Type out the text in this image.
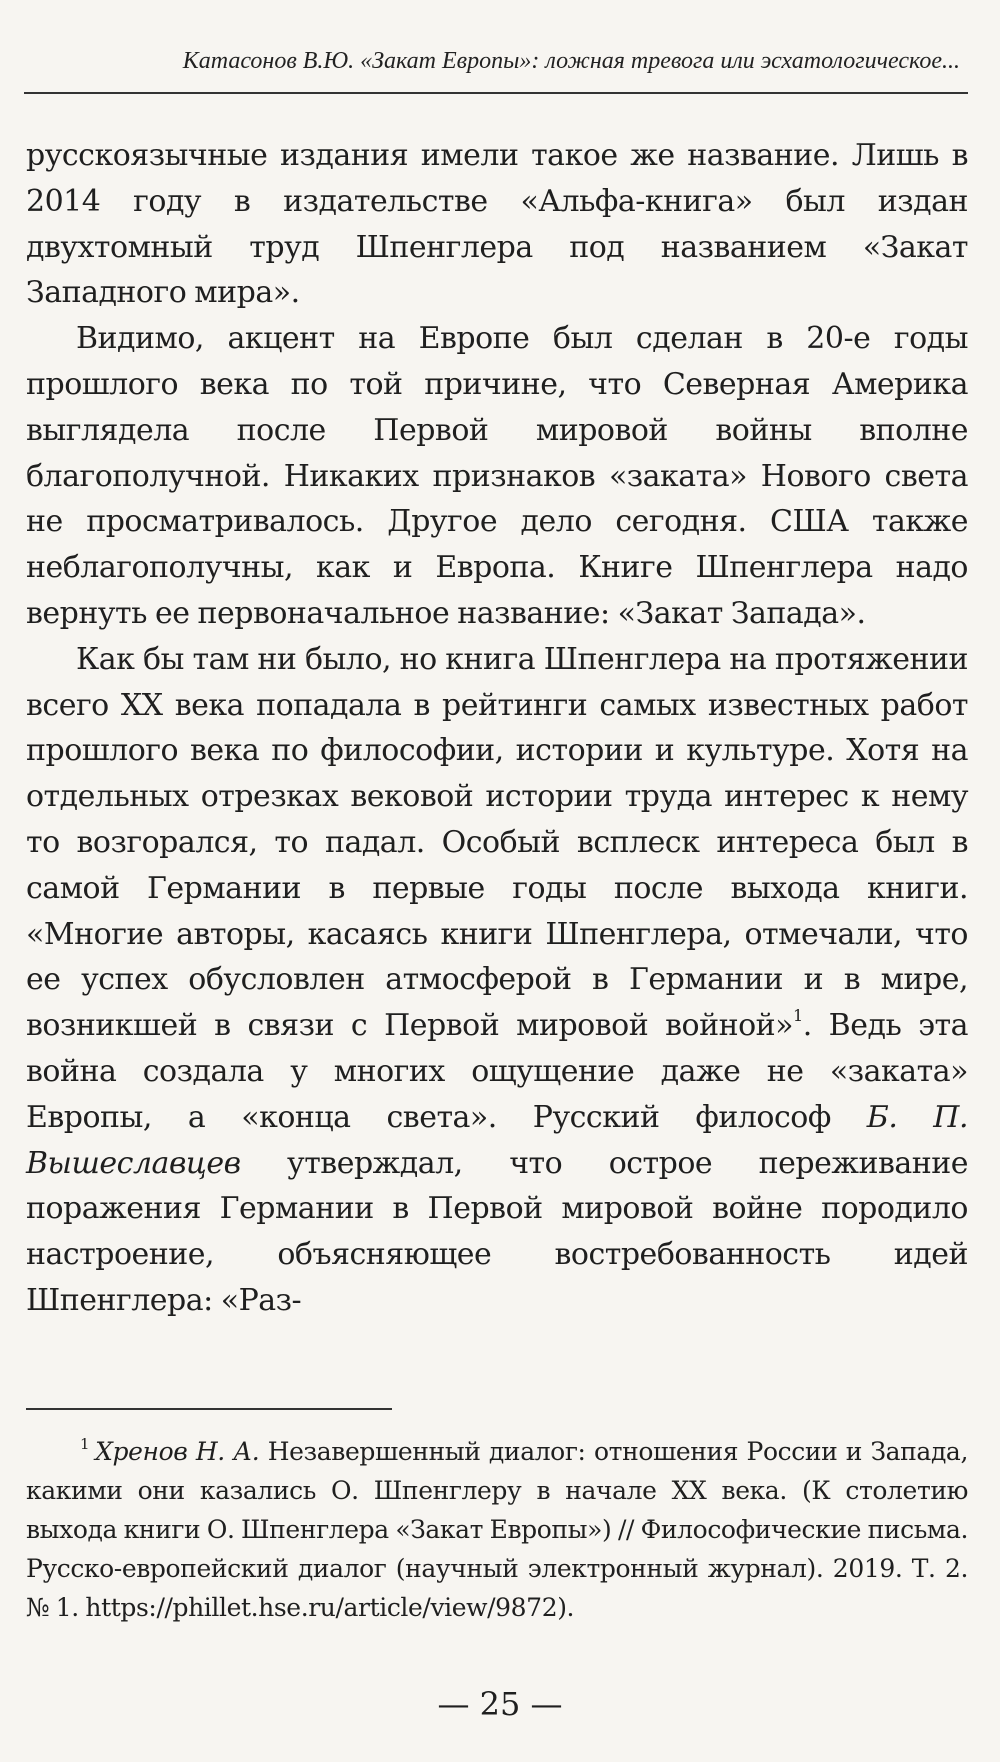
Катасонов В.Ю. «Закат Европы»: ложная тревога или эсхатологическое...

русскоязычные издания имели такое же название. Лишь в 2014 году в издательстве «Альфа-книга» был издан двухтомный труд Шпенглера под названием «Закат Западного мира».

Видимо, акцент на Европе был сделан в 20-е годы прошлого века по той причине, что Северная Америка выглядела после Первой мировой войны вполне благополучной. Никаких признаков «заката» Нового света не просматривалось. Другое дело сегодня. США также неблагополучны, как и Европа. Книге Шпенглера надо вернуть ее первоначальное название: «Закат Запада».

Как бы там ни было, но книга Шпенглера на протяжении всего XX века попадала в рейтинги самых известных работ прошлого века по философии, истории и культуре. Хотя на отдельных отрезках вековой истории труда интерес к нему то возгорался, то падал. Особый всплеск интереса был в самой Германии в первые годы после выхода книги. «Многие авторы, касаясь книги Шпенглера, отмечали, что ее успех обусловлен атмосферой в Германии и в мире, возникшей в связи с Первой мировой войной»$^1$. Ведь эта война создала у многих ощущение даже не «заката» Европы, а «конца света». Русский философ Б. П. Вышеславцев утверждал, что острое переживание поражения Германии в Первой мировой войне породило настроение, объясняющее востребованность идей Шпенглера: «Раз-

$^1$ Хренов Н. А. Незавершенный диалог: отношения России и Запада, какими они казались О. Шпенглеру в начале XX века. (К столетию выхода книги О. Шпенглера «Закат Европы») // Философические письма. Русско-европейский диалог (научный электронный журнал). 2019. Т. 2. № 1. https://phillet.hse.ru/article/view/9872).

— 25 —
